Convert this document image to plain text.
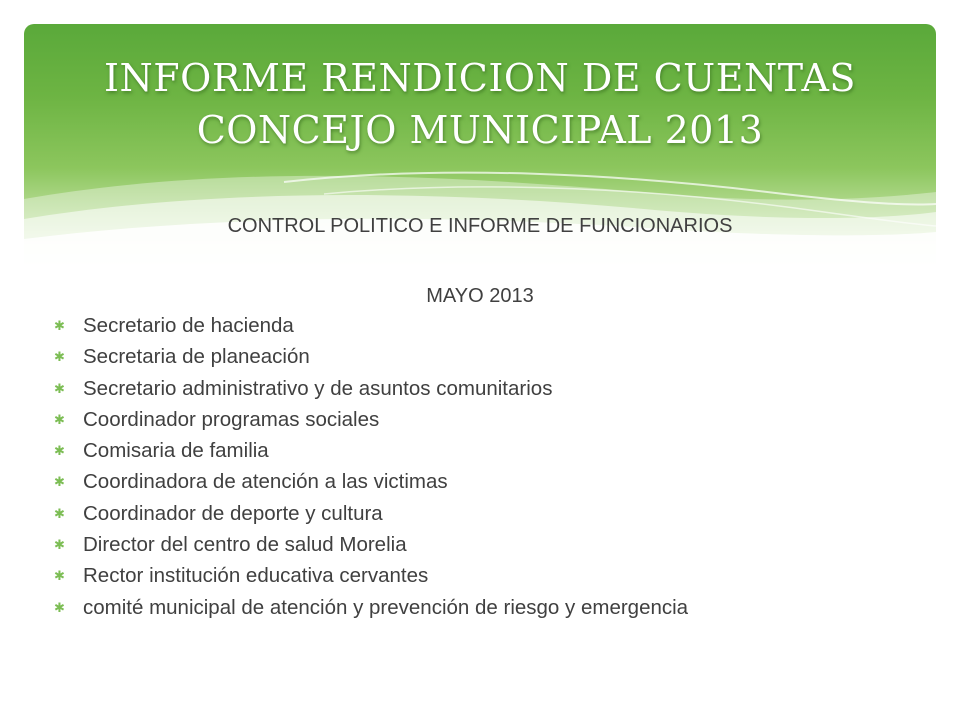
INFORME RENDICION DE CUENTAS
CONCEJO MUNICIPAL 2013
CONTROL POLITICO E INFORME DE FUNCIONARIOS
MAYO 2013
✱ Secretario de hacienda
✱ Secretaria de planeación
✱ Secretario administrativo y de asuntos comunitarios
✱ Coordinador programas sociales
✱ Comisaria de familia
✱ Coordinadora de atención a las victimas
✱ Coordinador de deporte y cultura
✱ Director del centro de salud Morelia
✱ Rector institución educativa cervantes
✱ comité municipal de atención y prevención de riesgo y emergencia
